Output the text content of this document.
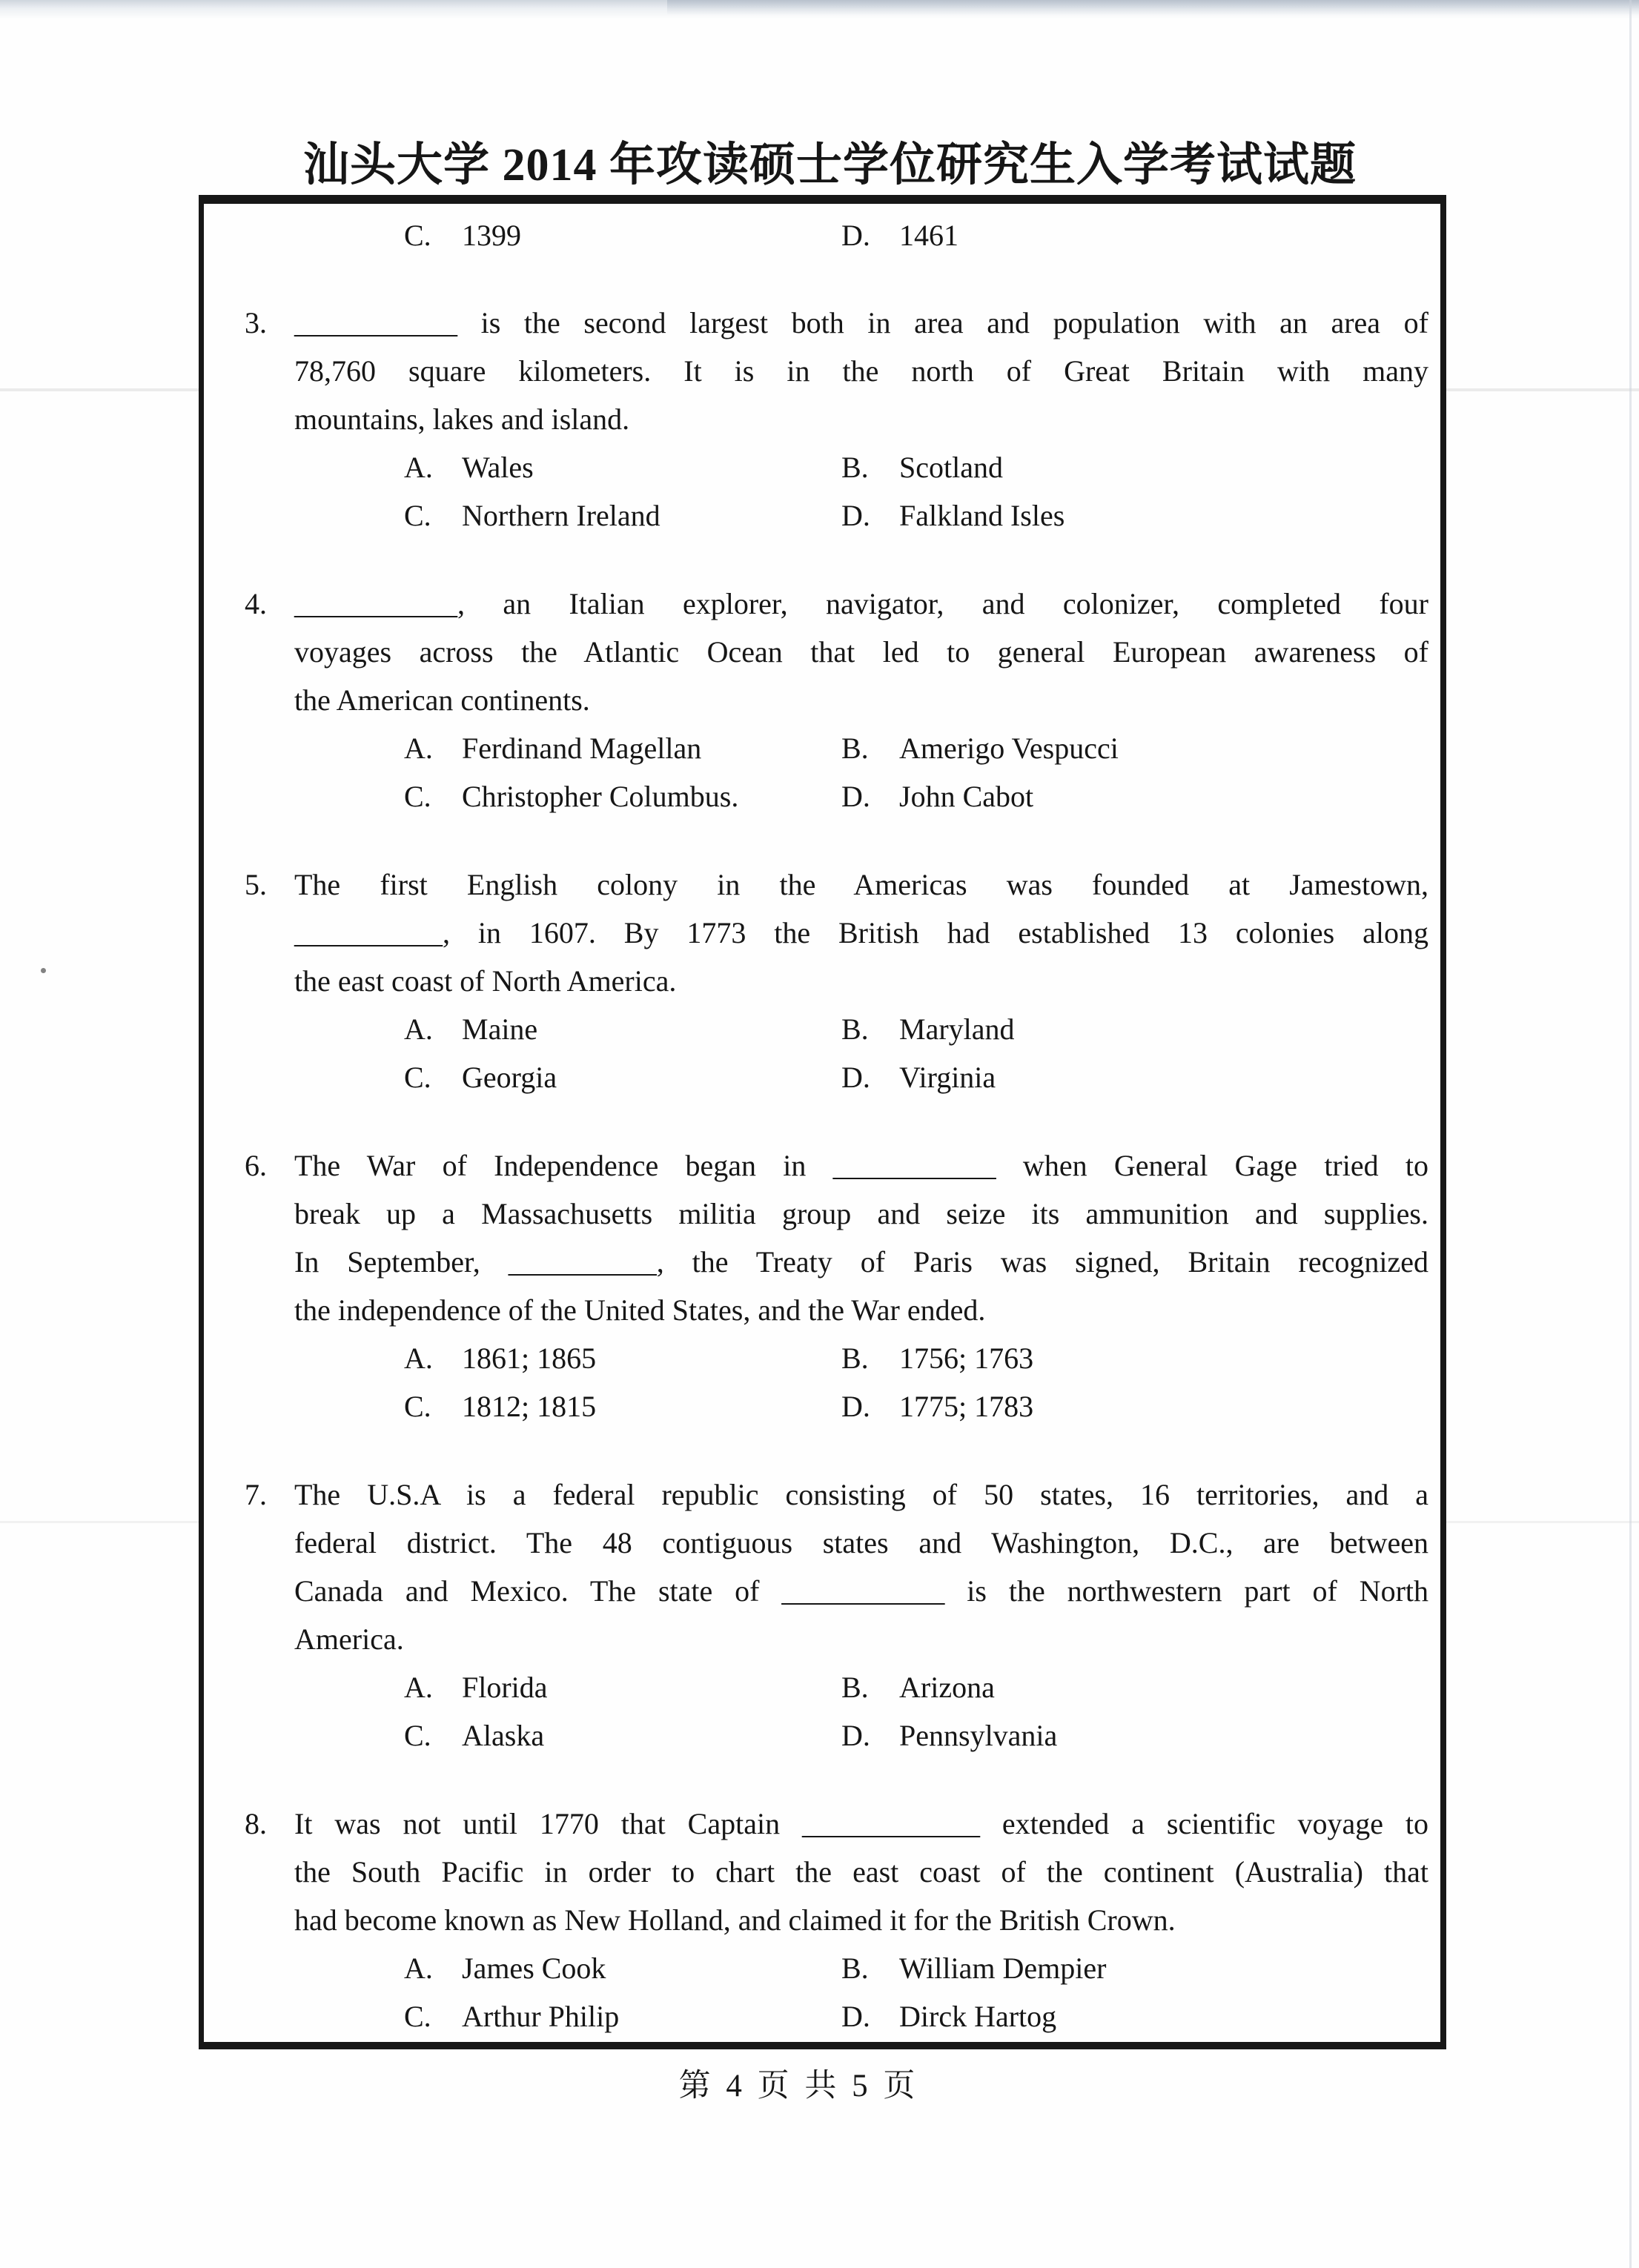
汕头大学 2014 年攻读硕士学位研究生入学考试试题
C.	1399	D. 1461
3. ___________ is the second largest both in area and population with an area of
78,760 square kilometers. It is in the north of Great Britain with many
mountains, lakes and island.
A. Wales	B.	Scotland
C.	Northern Ireland	D. Falkland Isles
4. ___________, an Italian explorer, navigator, and colonizer, completed four
voyages across the Atlantic Ocean that led to general European awareness of
the American continents.
A. Ferdinand Magellan	B.	Amerigo Vespucci
C.	Christopher Columbus.	D. John Cabot
5. The first English colony in the Americas was founded at Jamestown,
__________, in 1607. By 1773 the British had established 13 colonies along
the east coast of North America.
A. Maine	B.	Maryland
C.	Georgia	D. Virginia
6. The War of Independence began in ___________ when General Gage tried to
break up a Massachusetts militia group and seize its ammunition and supplies.
In September, __________, the Treaty of Paris was signed, Britain recognized
the independence of the United States, and the War ended.
A. 1861; 1865	B.	1756; 1763
C.	1812; 1815	D. 1775; 1783
7. The U.S.A is a federal republic consisting of 50 states, 16 territories, and a
federal district. The 48 contiguous states and Washington, D.C., are between
Canada and Mexico. The state of ___________ is the northwestern part of North
America.
A. Florida	B.	Arizona
C.	Alaska	D. Pennsylvania
8. It was not until 1770 that Captain ____________ extended a scientific voyage to
the South Pacific in order to chart the east coast of the continent (Australia) that
had become known as New Holland, and claimed it for the British Crown.
A. James Cook	B.	William Dempier
C.	Arthur Philip	D. Dirck Hartog
第 4 页 共 5 页
